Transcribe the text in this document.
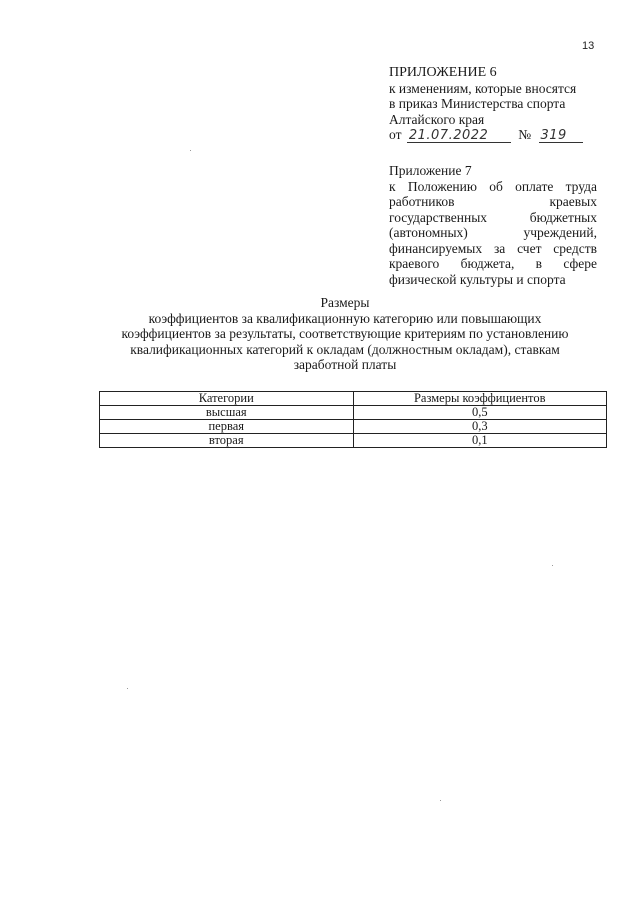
13
ПРИЛОЖЕНИЕ 6
к изменениям, которые вносятся
в приказ Министерства спорта
Алтайского края
от 21.07.2022 № 319
Приложение 7
к Положению об оплате труда
работников краевых
государственных бюджетных
(автономных) учреждений,
финансируемых за счет средств
краевого бюджета, в сфере
физической культуры и спорта
Размеры
коэффициентов за квалификационную категорию или повышающих
коэффициентов за результаты, соответствующие критериям по установлению
квалификационных категорий к окладам (должностным окладам), ставкам
заработной платы
Категории	Размеры коэффициентов
высшая	0,5
первая	0,3
вторая	0,1
